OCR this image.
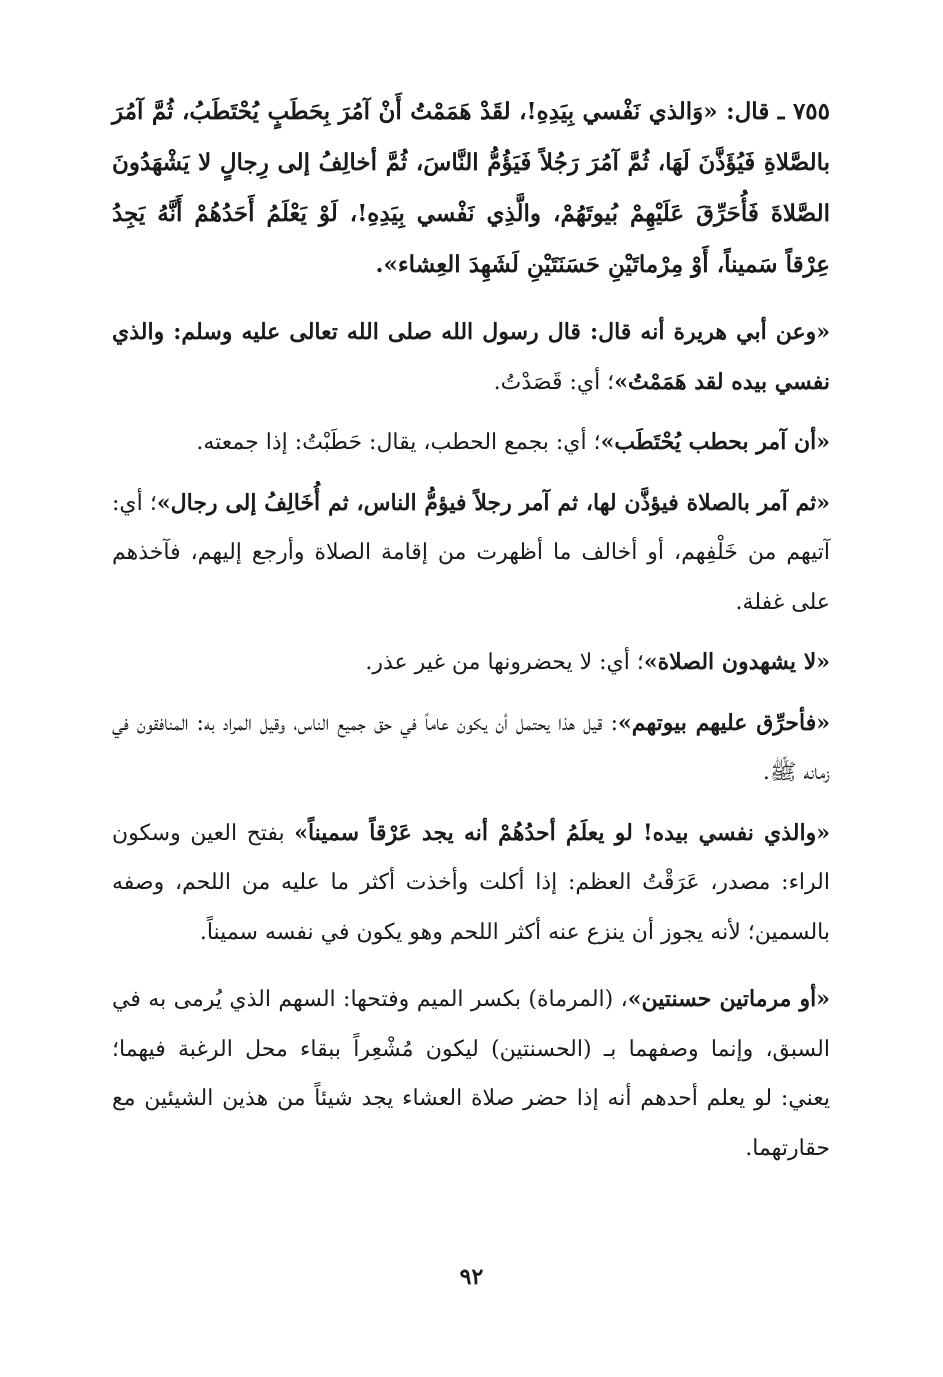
٧٥٥ ـ قال: «وَالذي نَفْسي بِيَدِهِ!، لقَدْ هَمَمْتُ أَنْ آمُرَ بِحَطَبٍ يُحْتَطَبُ، ثُمَّ آمُرَ بالصَّلاةِ فَيُؤَذَّنَ لَهَا، ثُمَّ آمُرَ رَجُلاً فَيَؤُمُّ النَّاسَ، ثُمَّ أخالِفُ إلى رِجالٍ لا يَشْهَدُونَ الصَّلاةَ فَأُحَرِّقَ عَلَيْهِمْ بُيوتَهُمْ، والَّذِي نَفْسي بِيَدِهِ!، لَوْ يَعْلَمُ أَحَدُهُمْ أَنَّهُ يَجِدُ عِرْقاً سَميناً، أَوْ مِرْماتَيْنِ حَسَنَتَيْنِ لَشَهِدَ العِشاء».

«وعن أبي هريرة أنه قال: قال رسول الله صلى الله تعالى عليه وسلم: والذي نفسي بيده لقد هَمَمْتُ»؛ أي: قَصَدْتُ.

«أن آمر بحطب يُحْتَطَب»؛ أي: بجمع الحطب، يقال: حَطَبْتُ: إذا جمعته.

«ثم آمر بالصلاة فيؤذَّن لها، ثم آمر رجلاً فيؤمُّ الناس، ثم أُخَالِفُ إلى رجال»؛ أي: آتيهم من خَلْفِهم، أو أخالف ما أظهرت من إقامة الصلاة وأرجع إليهم، فآخذهم على غفلة.

«لا يشهدون الصلاة»؛ أي: لا يحضرونها من غير عذر.

«فأحرِّق عليهم بيوتهم»: قيل هذا يحتمل أن يكون عاماً في حق جميع الناس، وقيل المراد به: المنافقون في زمانه ﷺ.

«والذي نفسي بيده! لو يعلَمُ أحدُهُمْ أنه يجد عَرْقاً سميناً» بفتح العين وسكون الراء: مصدر، عَرَقْتُ العظم: إذا أكلت وأخذت أكثر ما عليه من اللحم، وصفه بالسمين؛ لأنه يجوز أن ينزع عنه أكثر اللحم وهو يكون في نفسه سميناً.

«أو مرماتين حسنتين»، (المرماة) بكسر الميم وفتحها: السهم الذي يُرمى به في السبق، وإنما وصفهما بـ (الحسنتين) ليكون مُشْعِراً ببقاء محل الرغبة فيهما؛ يعني: لو يعلم أحدهم أنه إذا حضر صلاة العشاء يجد شيئاً من هذين الشيئين مع حقارتهما.

٩٢
